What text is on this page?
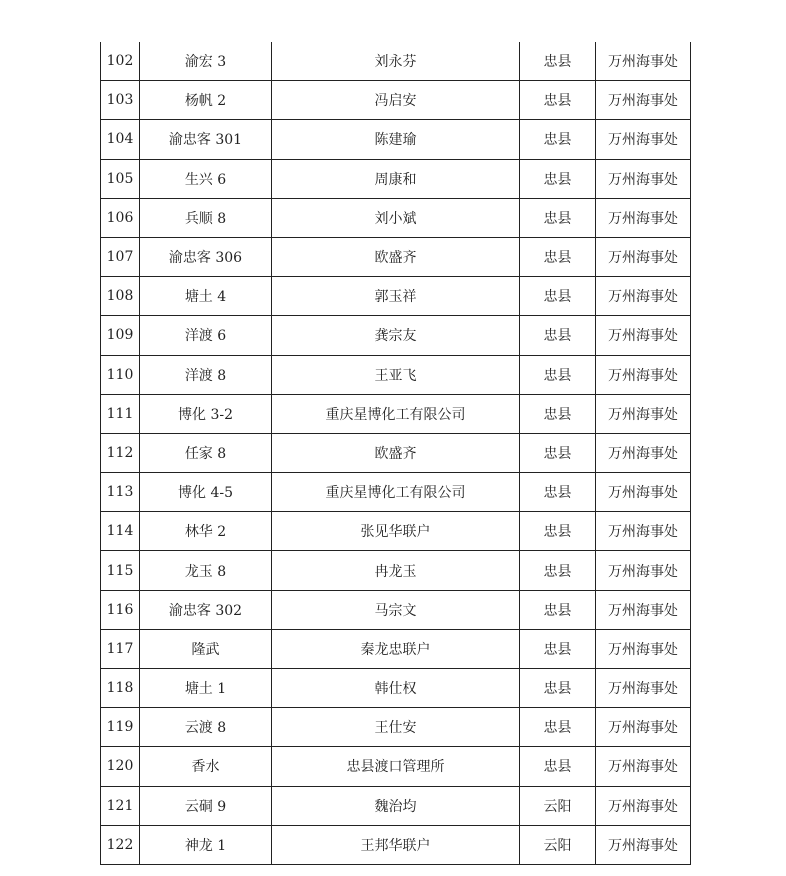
102	渝宏 3	刘永芬	忠县	万州海事处
103	杨帆 2	冯启安	忠县	万州海事处
104	渝忠客 301	陈建瑜	忠县	万州海事处
105	生兴 6	周康和	忠县	万州海事处
106	兵顺 8	刘小斌	忠县	万州海事处
107	渝忠客 306	欧盛齐	忠县	万州海事处
108	塘土 4	郭玉祥	忠县	万州海事处
109	洋渡 6	龚宗友	忠县	万州海事处
110	洋渡 8	王亚飞	忠县	万州海事处
111	博化 3-2	重庆星博化工有限公司	忠县	万州海事处
112	任家 8	欧盛齐	忠县	万州海事处
113	博化 4-5	重庆星博化工有限公司	忠县	万州海事处
114	林华 2	张见华联户	忠县	万州海事处
115	龙玉 8	冉龙玉	忠县	万州海事处
116	渝忠客 302	马宗文	忠县	万州海事处
117	隆武	秦龙忠联户	忠县	万州海事处
118	塘土 1	韩仕权	忠县	万州海事处
119	云渡 8	王仕安	忠县	万州海事处
120	香水	忠县渡口管理所	忠县	万州海事处
121	云硐 9	魏治均	云阳	万州海事处
122	神龙 1	王邦华联户	云阳	万州海事处
